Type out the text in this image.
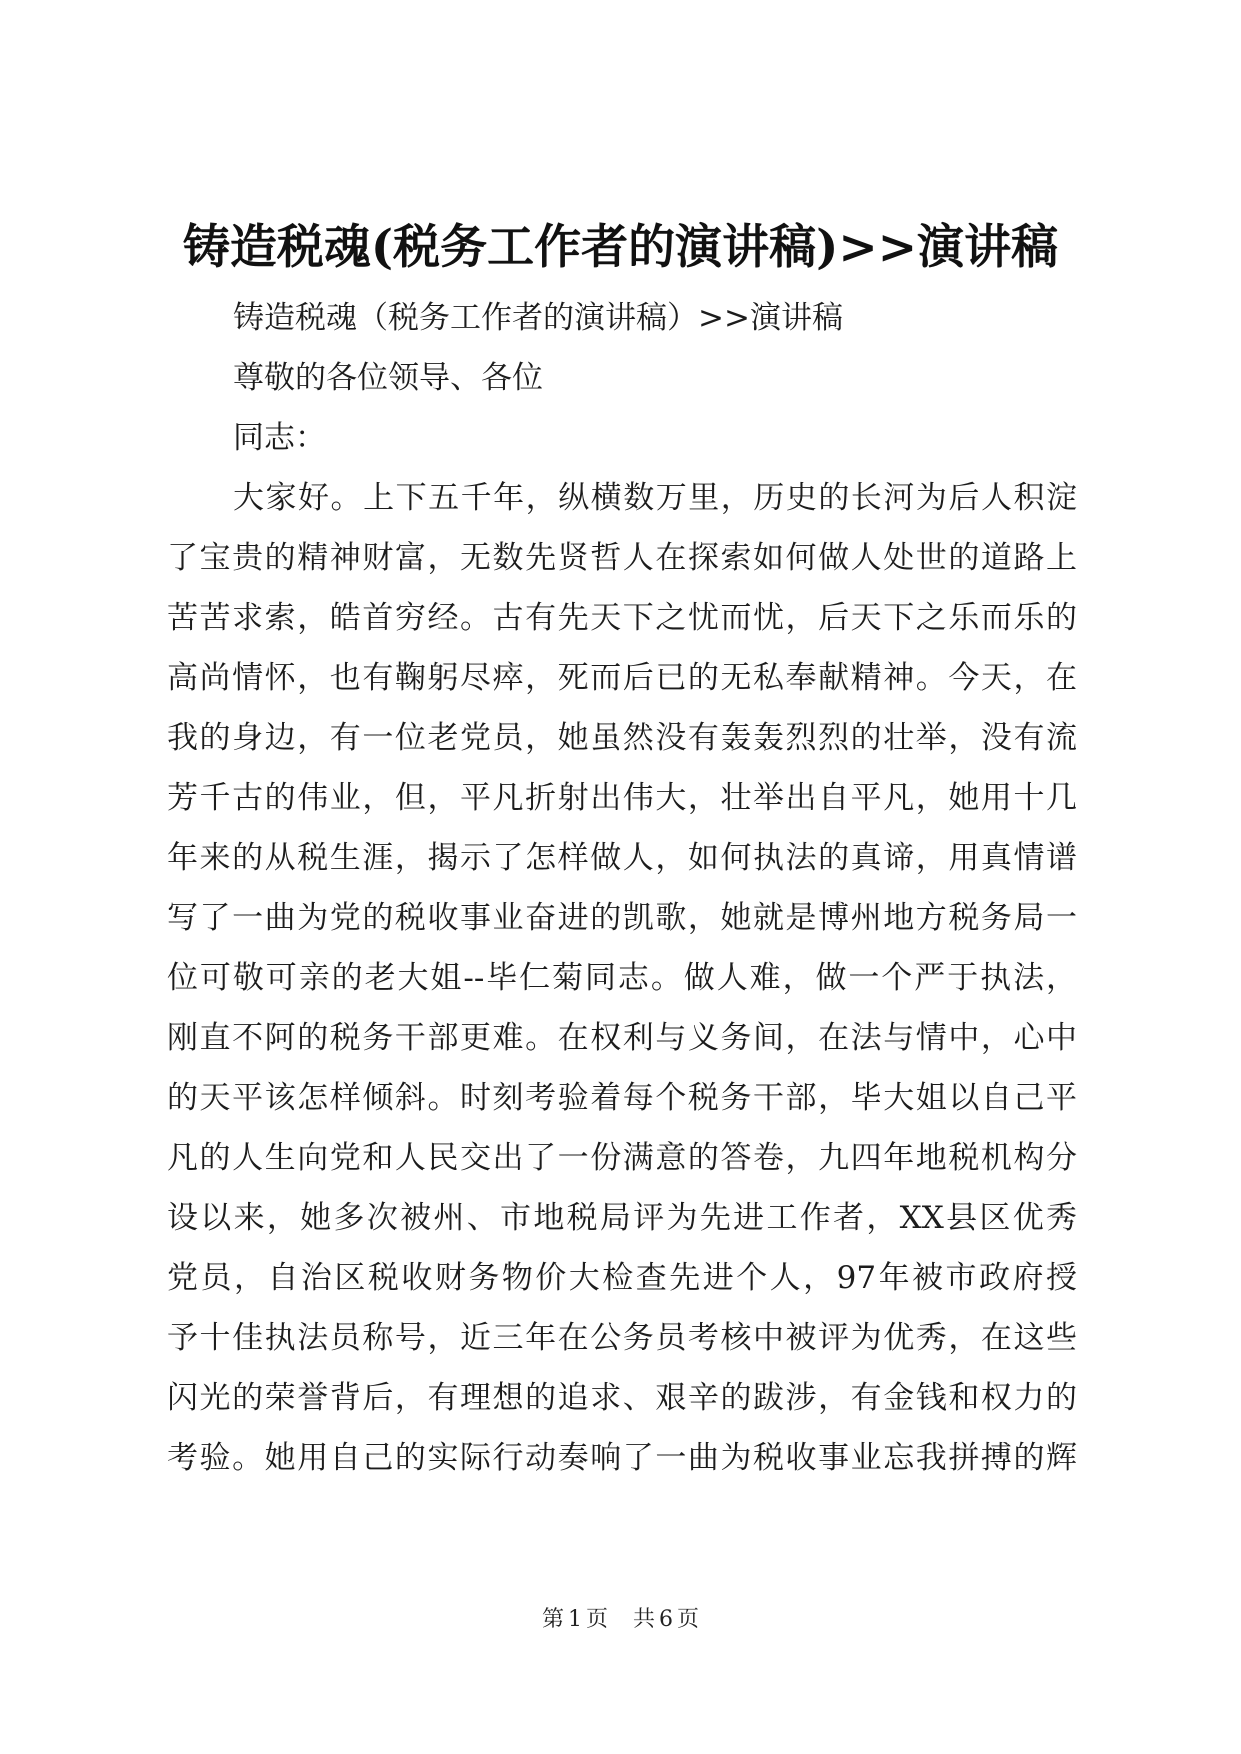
铸造税魂(税务工作者的演讲稿)>>演讲稿
铸造税魂（税务工作者的演讲稿）>>演讲稿
尊敬的各位领导、各位
同志：
大家好。上下五千年，纵横数万里，历史的长河为后人积淀
了宝贵的精神财富，无数先贤哲人在探索如何做人处世的道路上
苦苦求索，皓首穷经。古有先天下之忧而忧，后天下之乐而乐的
高尚情怀，也有鞠躬尽瘁，死而后已的无私奉献精神。今天，在
我的身边，有一位老党员，她虽然没有轰轰烈烈的壮举，没有流
芳千古的伟业，但，平凡折射出伟大，壮举出自平凡，她用十几
年来的从税生涯，揭示了怎样做人，如何执法的真谛，用真情谱
写了一曲为党的税收事业奋进的凯歌，她就是博州地方税务局一
位可敬可亲的老大姐--毕仁菊同志。做人难，做一个严于执法，
刚直不阿的税务干部更难。在权利与义务间，在法与情中，心中
的天平该怎样倾斜。时刻考验着每个税务干部，毕大姐以自己平
凡的人生向党和人民交出了一份满意的答卷，九四年地税机构分
设以来，她多次被州、市地税局评为先进工作者，XX县区优秀
党员，自治区税收财务物价大检查先进个人，97年被市政府授
予十佳执法员称号，近三年在公务员考核中被评为优秀，在这些
闪光的荣誉背后，有理想的追求、艰辛的跋涉，有金钱和权力的
考验。她用自己的实际行动奏响了一曲为税收事业忘我拼搏的辉
第 1 页 共 6 页
